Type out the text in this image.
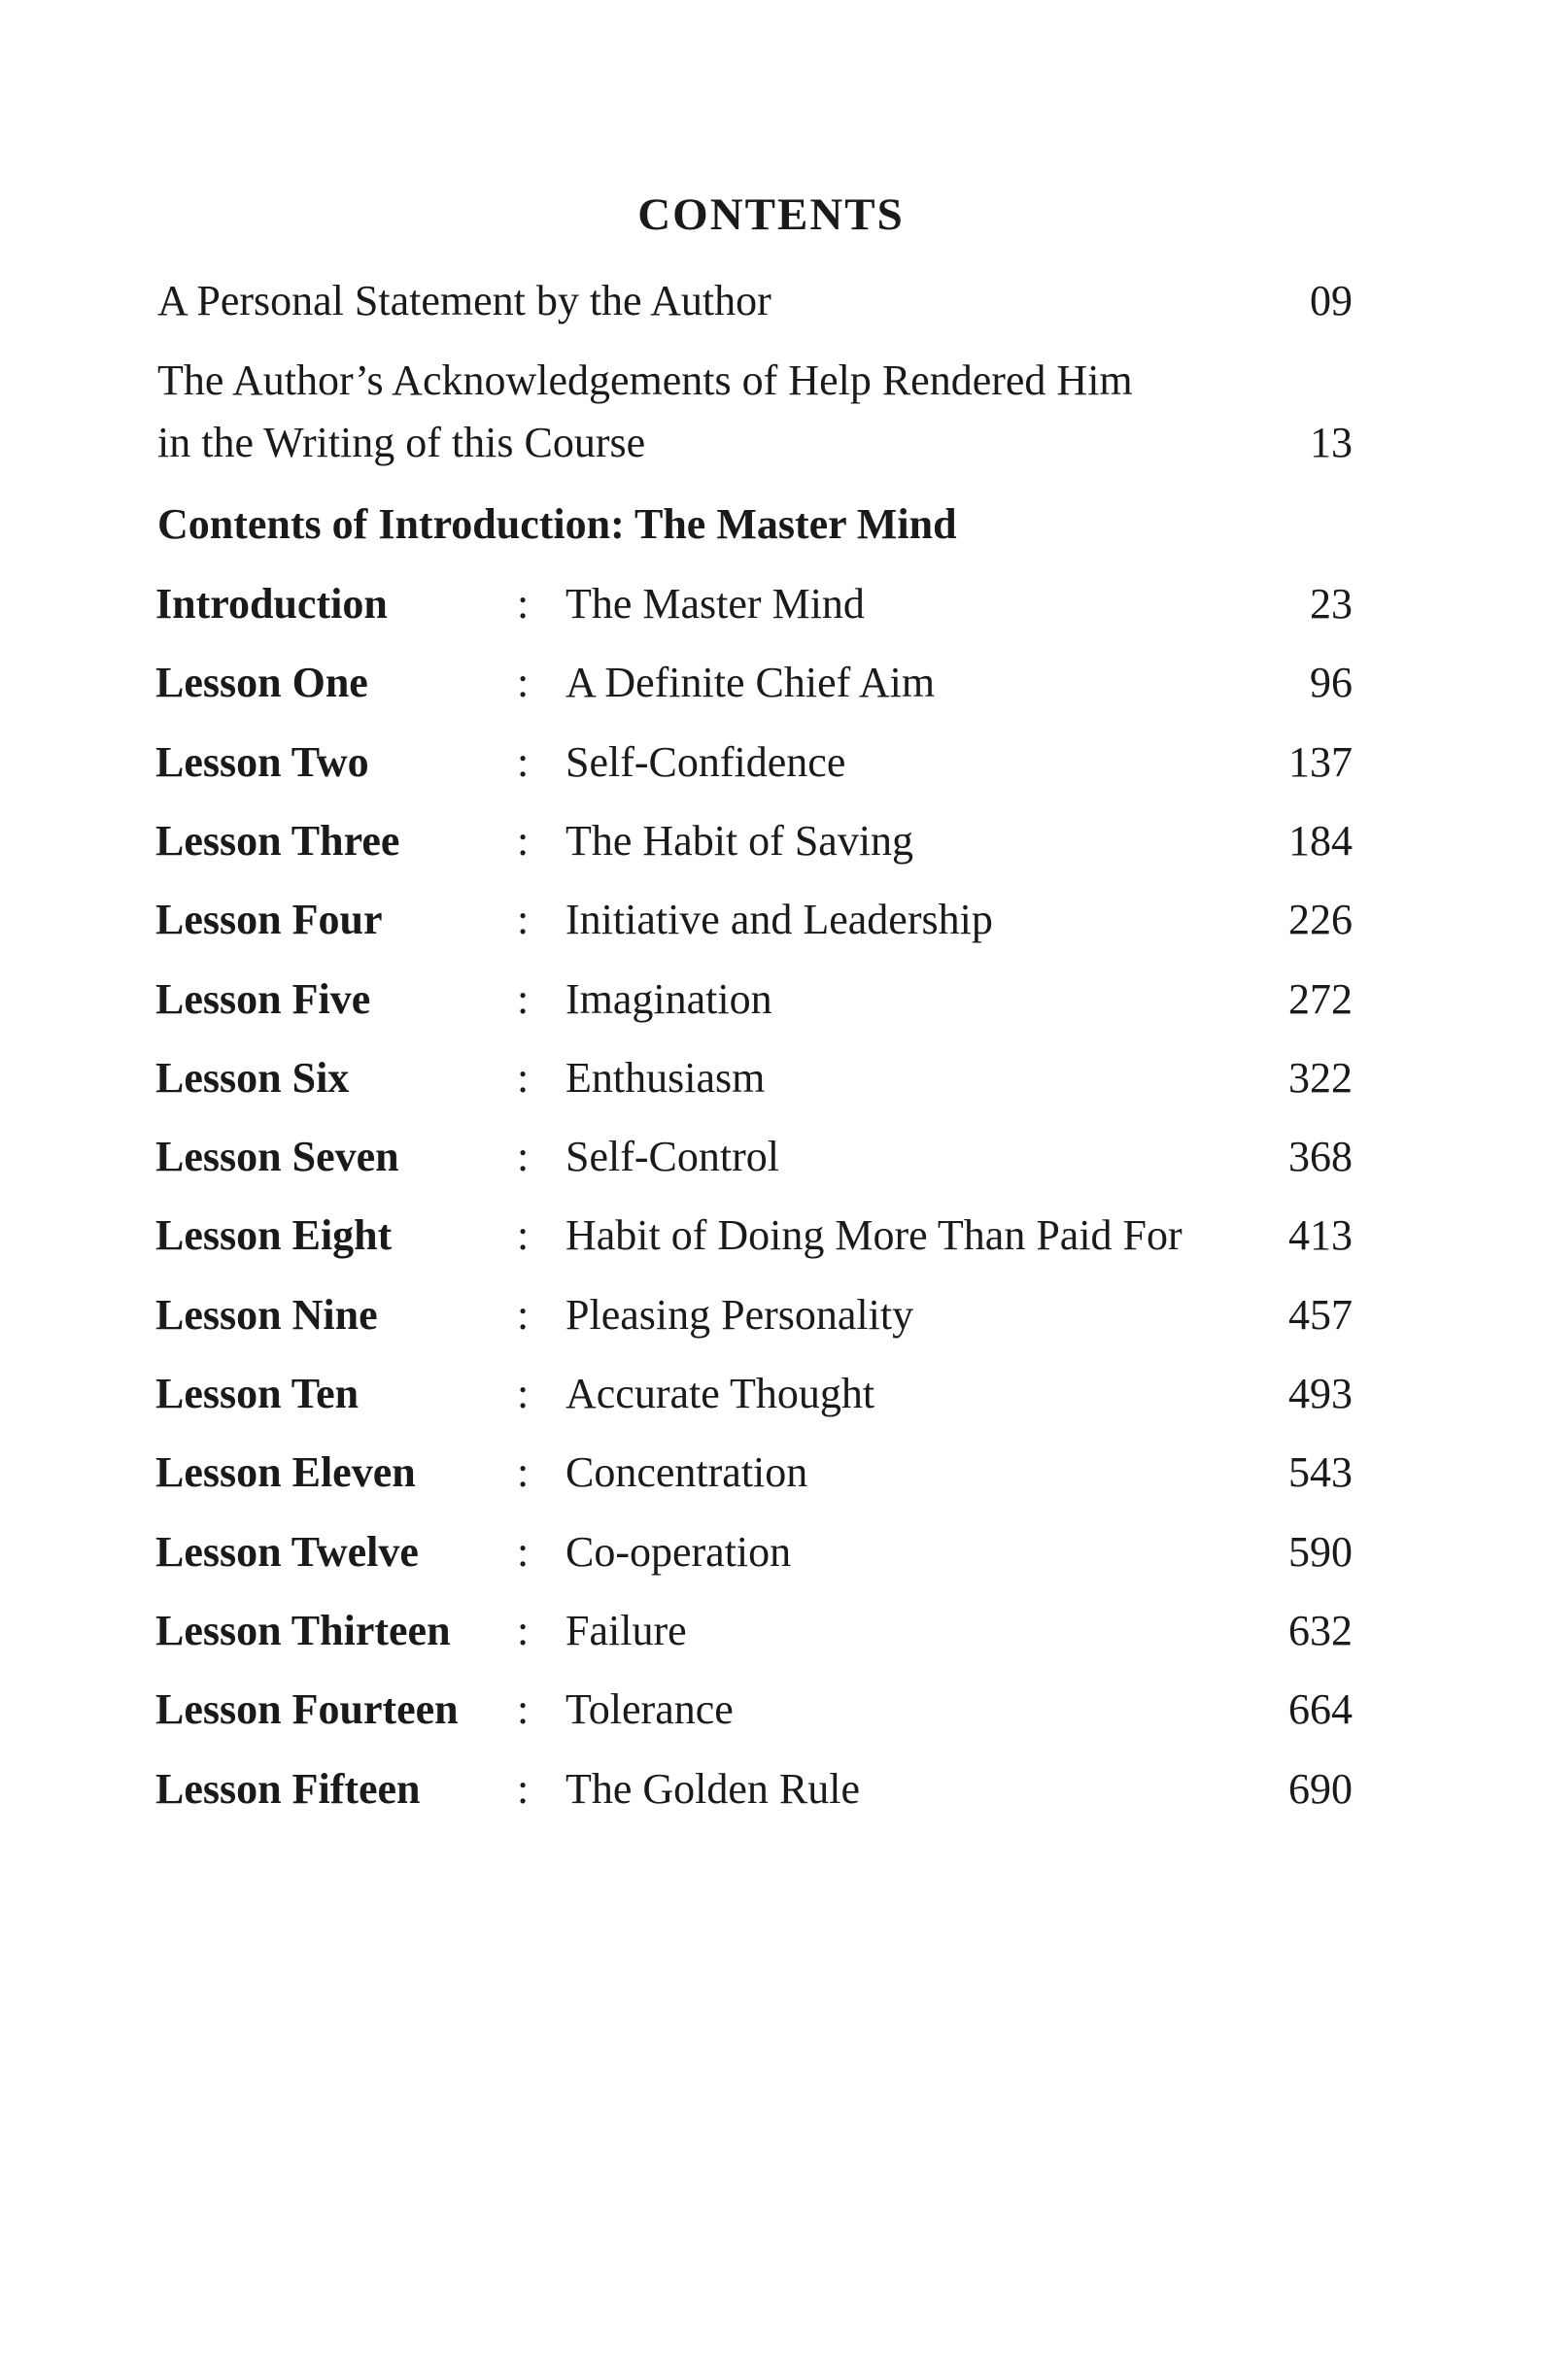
CONTENTS
A Personal Statement by the Author	09
The Author’s Acknowledgements of Help Rendered Him
in the Writing of this Course	13
Contents of Introduction: The Master Mind
Introduction	: The Master Mind	23
Lesson One	: A Definite Chief Aim	96
Lesson Two	: Self-Confidence	137
Lesson Three	: The Habit of Saving	184
Lesson Four	: Initiative and Leadership	226
Lesson Five	: Imagination	272
Lesson Six	: Enthusiasm	322
Lesson Seven	: Self-Control	368
Lesson Eight	: Habit of Doing More Than Paid For 413
Lesson Nine	: Pleasing Personality	457
Lesson Ten	: Accurate Thought	493
Lesson Eleven : Concentration	543
Lesson Twelve : Co-operation	590
Lesson Thirteen : Failure	632
Lesson Fourteen : Tolerance	664
Lesson Fifteen : The Golden Rule	690
